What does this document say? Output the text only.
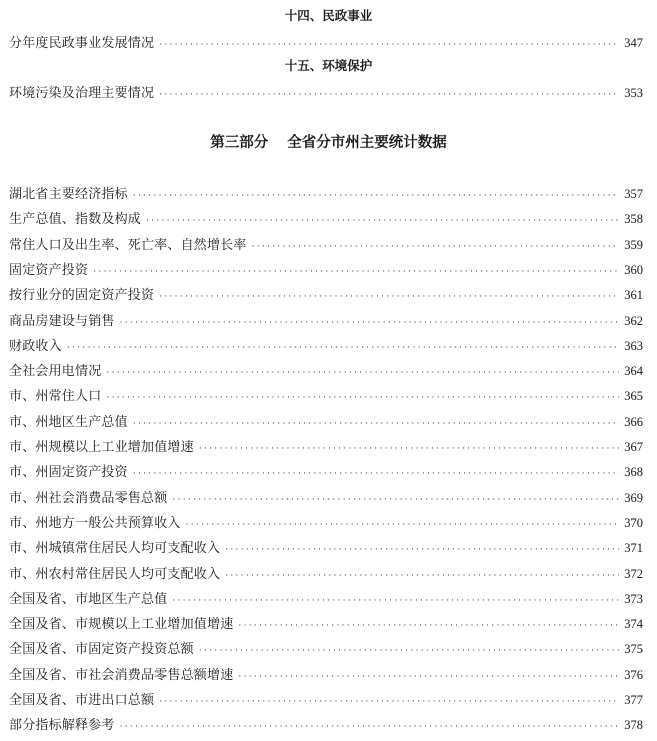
十四、民政事业
分年度民政事业发展情况 ·····	347
十五、环境保护
环境污染及治理主要情况 ·····	353
第三部分 全省分市州主要统计数据
湖北省主要经济指标 ·····	357
生产总值、指数及构成 ·····	358
常住人口及出生率、死亡率、自然增长率 ·····	359
固定资产投资 ·····	360
按行业分的固定资产投资 ·····	361
商品房建设与销售 ·····	362
财政收入 ·····	363
全社会用电情况 ·····	364
市、州常住人口 ·····	365
市、州地区生产总值 ·····	366
市、州规模以上工业增加值增速 ·····	367
市、州固定资产投资 ·····	368
市、州社会消费品零售总额 ·····	369
市、州地方一般公共预算收入 ·····	370
市、州城镇常住居民人均可支配收入 ·····	371
市、州农村常住居民人均可支配收入 ·····	372
全国及省、市地区生产总值 ·····	373
全国及省、市规模以上工业增加值增速 ·····	374
全国及省、市固定资产投资总额 ·····	375
全国及省、市社会消费品零售总额增速 ·····	376
全国及省、市进出口总额 ·····	377
部分指标解释参考 ·····	378
